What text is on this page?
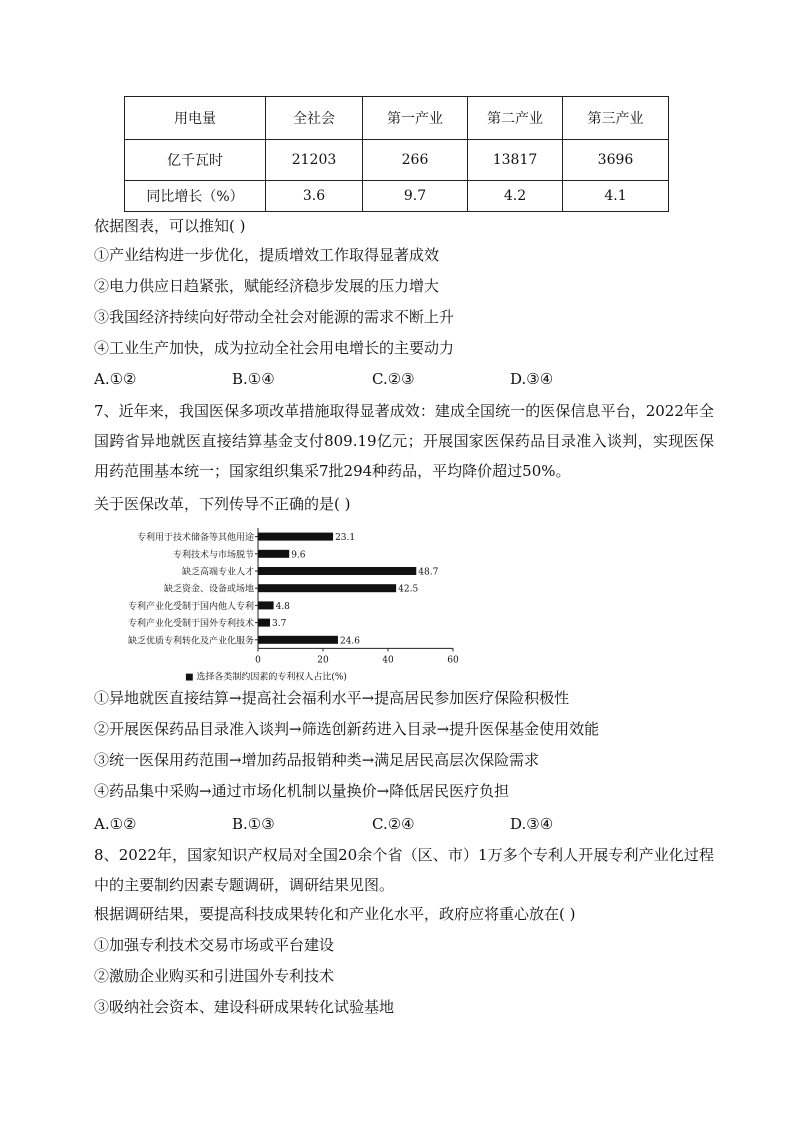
用电量	全社会	第一产业	第二产业	第三产业
亿千瓦时	21203	266	13817	3696
同比增长（%）	3.6	9.7	4.2	4.1
依据图表，可以推知( )
①产业结构进一步优化，提质增效工作取得显著成效
②电力供应日趋紧张，赋能经济稳步发展的压力增大
③我国经济持续向好带动全社会对能源的需求不断上升
④工业生产加快，成为拉动全社会用电增长的主要动力
A.①②	B.①④	C.②③	D.③④
7、近年来，我国医保多项改革措施取得显著成效：建成全国统一的医保信息平台，2022年全国跨省异地就医直接结算基金支付809.19亿元；开展国家医保药品目录准入谈判，实现医保用药范围基本统一；国家组织集采7批294种药品，平均降价超过50%。
关于医保改革，下列传导不正确的是( )
专利用于技术储备等其他用途	23.1
专利技术与市场脱节	9.6
缺乏高端专业人才	48.7
缺乏资金、设备或场地	42.5
专利产业化受制于国内他人专利 4.8
专利产业化受制于国外专利技术 3.7
缺乏优质专利转化及产业化服务	24.6
0	20	40	60
■ 选择各类制约因素的专利权人占比(%)
①异地就医直接结算→提高社会福利水平→提高居民参加医疗保险积极性
②开展医保药品目录准入谈判→筛选创新药进入目录→提升医保基金使用效能
③统一医保用药范围→增加药品报销种类→满足居民高层次保险需求
④药品集中采购→通过市场化机制以量换价→降低居民医疗负担
A.①②	B.①③	C.②④	D.③④
8、2022年，国家知识产权局对全国20余个省（区、市）1万多个专利人开展专利产业化过程中的主要制约因素专题调研，调研结果见图。
根据调研结果，要提高科技成果转化和产业化水平，政府应将重心放在( )
①加强专利技术交易市场或平台建设
②激励企业购买和引进国外专利技术
③吸纳社会资本、建设科研成果转化试验基地
